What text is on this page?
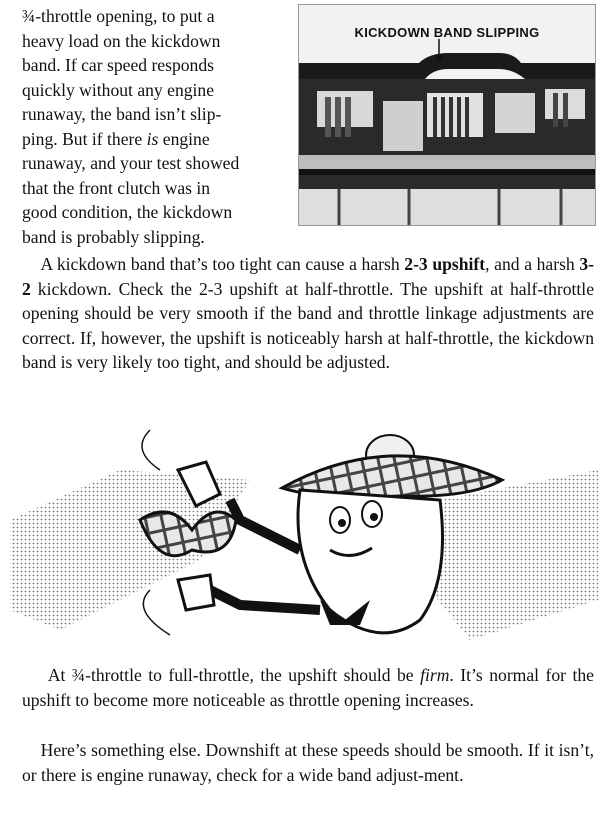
¾-throttle opening, to put a
heavy load on the kickdown
band. If car speed responds
quickly without any engine
runaway, the band isn’t slip-
ping. But if there is engine
runaway, and your test showed
that the front clutch was in
good condition, the kickdown
band is probably slipping.

KICKDOWN BAND SLIPPING

A kickdown band that’s too tight can cause a harsh 2-3 upshift, and a harsh 3-2 kickdown. Check the 2-3 upshift at half-throttle. The upshift at half-throttle opening should be very smooth if the band and throttle linkage adjustments are correct. If, however, the upshift is noticeably harsh at half-throttle, the kickdown band is very likely too tight, and should be adjusted.

At ¾-throttle to full-throttle, the upshift should be firm. It’s normal for the upshift to become more noticeable as throttle opening increases.

Here’s something else. Downshift at these speeds should be smooth. If it isn’t, or there is engine runaway, check for a wide band adjust-ment.
